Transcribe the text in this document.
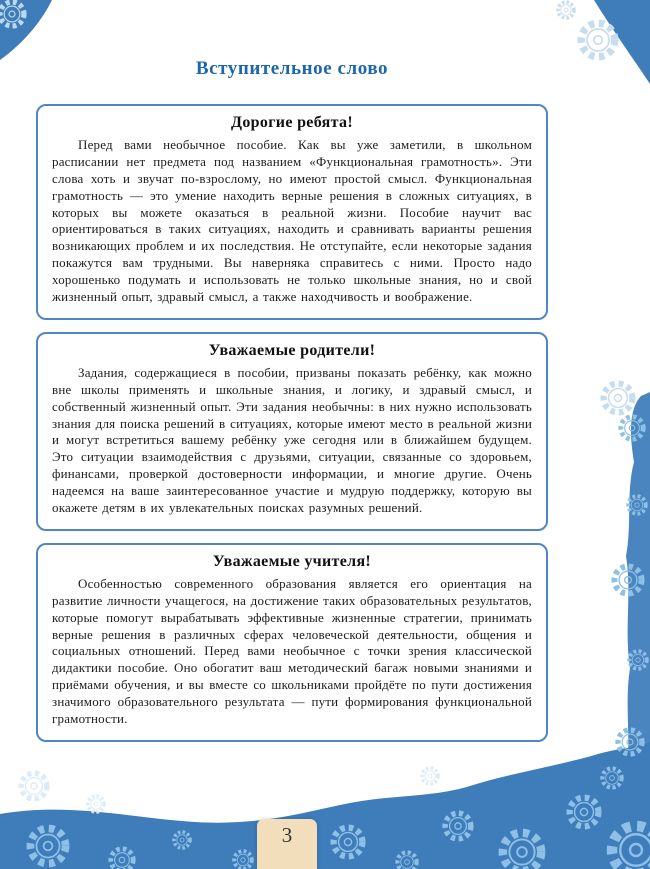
Вступительное слово
Дорогие ребята!

Перед вами необычное пособие. Как вы уже заметили, в школьном расписании нет предмета под названием «Функциональная грамотность». Эти слова хоть и звучат по-взрослому, но имеют простой смысл. Функциональная грамотность — это умение находить верные решения в сложных ситуациях, в которых вы можете оказаться в реальной жизни. Пособие научит вас ориентироваться в таких ситуациях, находить и сравнивать варианты решения возникающих проблем и их последствия. Не отступайте, если некоторые задания покажутся вам трудными. Вы наверняка справитесь с ними. Просто надо хорошенько подумать и использовать не только школьные знания, но и свой жизненный опыт, здравый смысл, а также находчивость и воображение.

Уважаемые родители!

Задания, содержащиеся в пособии, призваны показать ребёнку, как можно вне школы применять и школьные знания, и логику, и здравый смысл, и собственный жизненный опыт. Эти задания необычны: в них нужно использовать знания для поиска решений в ситуациях, которые имеют место в реальной жизни и могут встретиться вашему ребёнку уже сегодня или в ближайшем будущем. Это ситуации взаимодействия с друзьями, ситуации, связанные со здоровьем, финансами, проверкой достоверности информации, и многие другие. Очень надеемся на ваше заинтересованное участие и мудрую поддержку, которую вы окажете детям в их увлекательных поисках разумных решений.

Уважаемые учителя!

Особенностью современного образования является его ориентация на развитие личности учащегося, на достижение таких образовательных результатов, которые помогут вырабатывать эффективные жизненные стратегии, принимать верные решения в различных сферах человеческой деятельности, общения и социальных отношений. Перед вами необычное с точки зрения классической дидактики пособие. Оно обогатит ваш методический багаж новыми знаниями и приёмами обучения, и вы вместе со школьниками пройдёте по пути достижения значимого образовательного результата — пути формирования функциональной грамотности.

3
